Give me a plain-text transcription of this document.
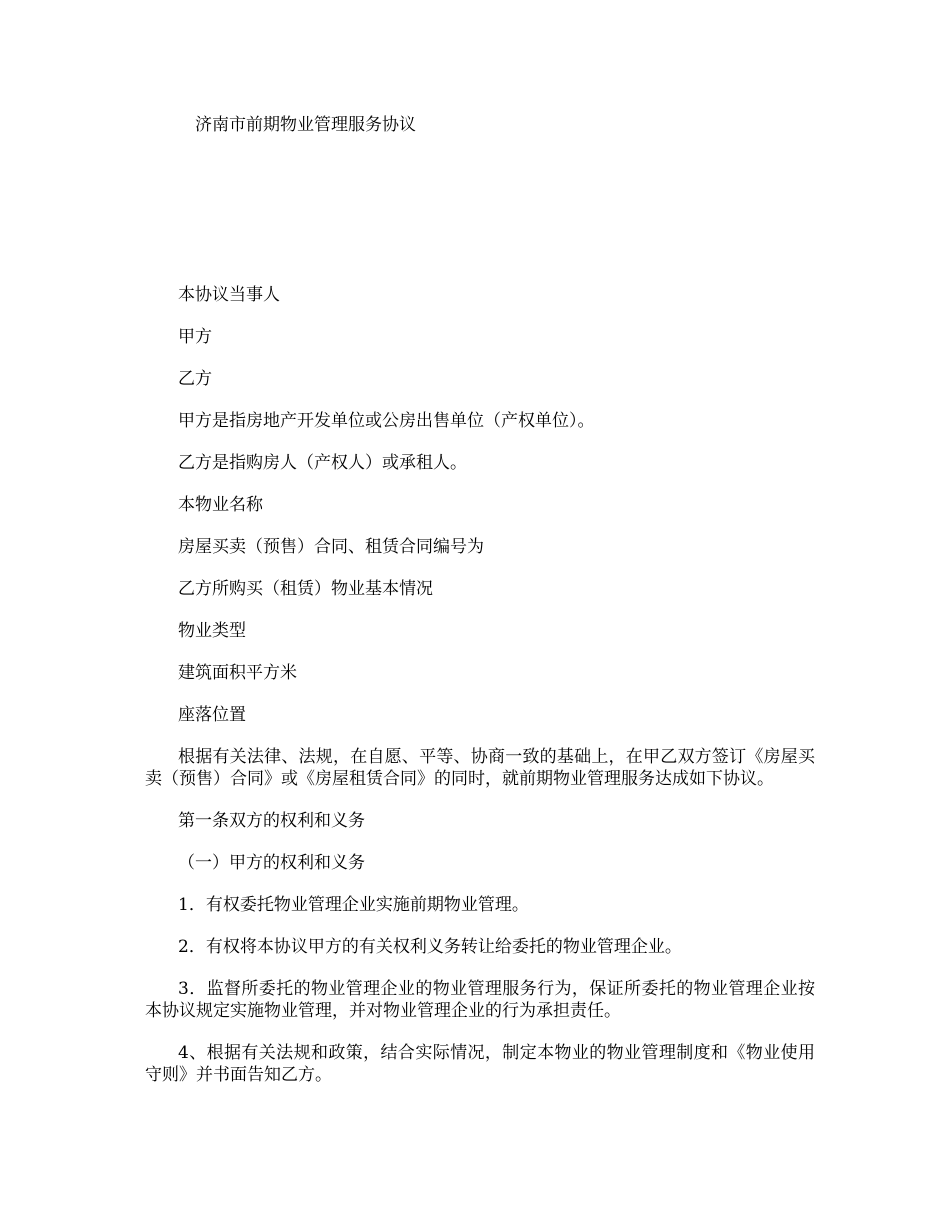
济南市前期物业管理服务协议

本协议当事人

甲方

乙方

甲方是指房地产开发单位或公房出售单位（产权单位）。

乙方是指购房人（产权人）或承租人。

本物业名称

房屋买卖（预售）合同、租赁合同编号为

乙方所购买（租赁）物业基本情况

物业类型

建筑面积平方米

座落位置

根据有关法律、法规，在自愿、平等、协商一致的基础上，在甲乙双方签订《房屋买卖（预售）合同》或《房屋租赁合同》的同时，就前期物业管理服务达成如下协议。

第一条双方的权利和义务

（一）甲方的权利和义务

1．有权委托物业管理企业实施前期物业管理。

2．有权将本协议甲方的有关权利义务转让给委托的物业管理企业。

3．监督所委托的物业管理企业的物业管理服务行为，保证所委托的物业管理企业按本协议规定实施物业管理，并对物业管理企业的行为承担责任。

4、根据有关法规和政策，结合实际情况，制定本物业的物业管理制度和《物业使用守则》并书面告知乙方。
